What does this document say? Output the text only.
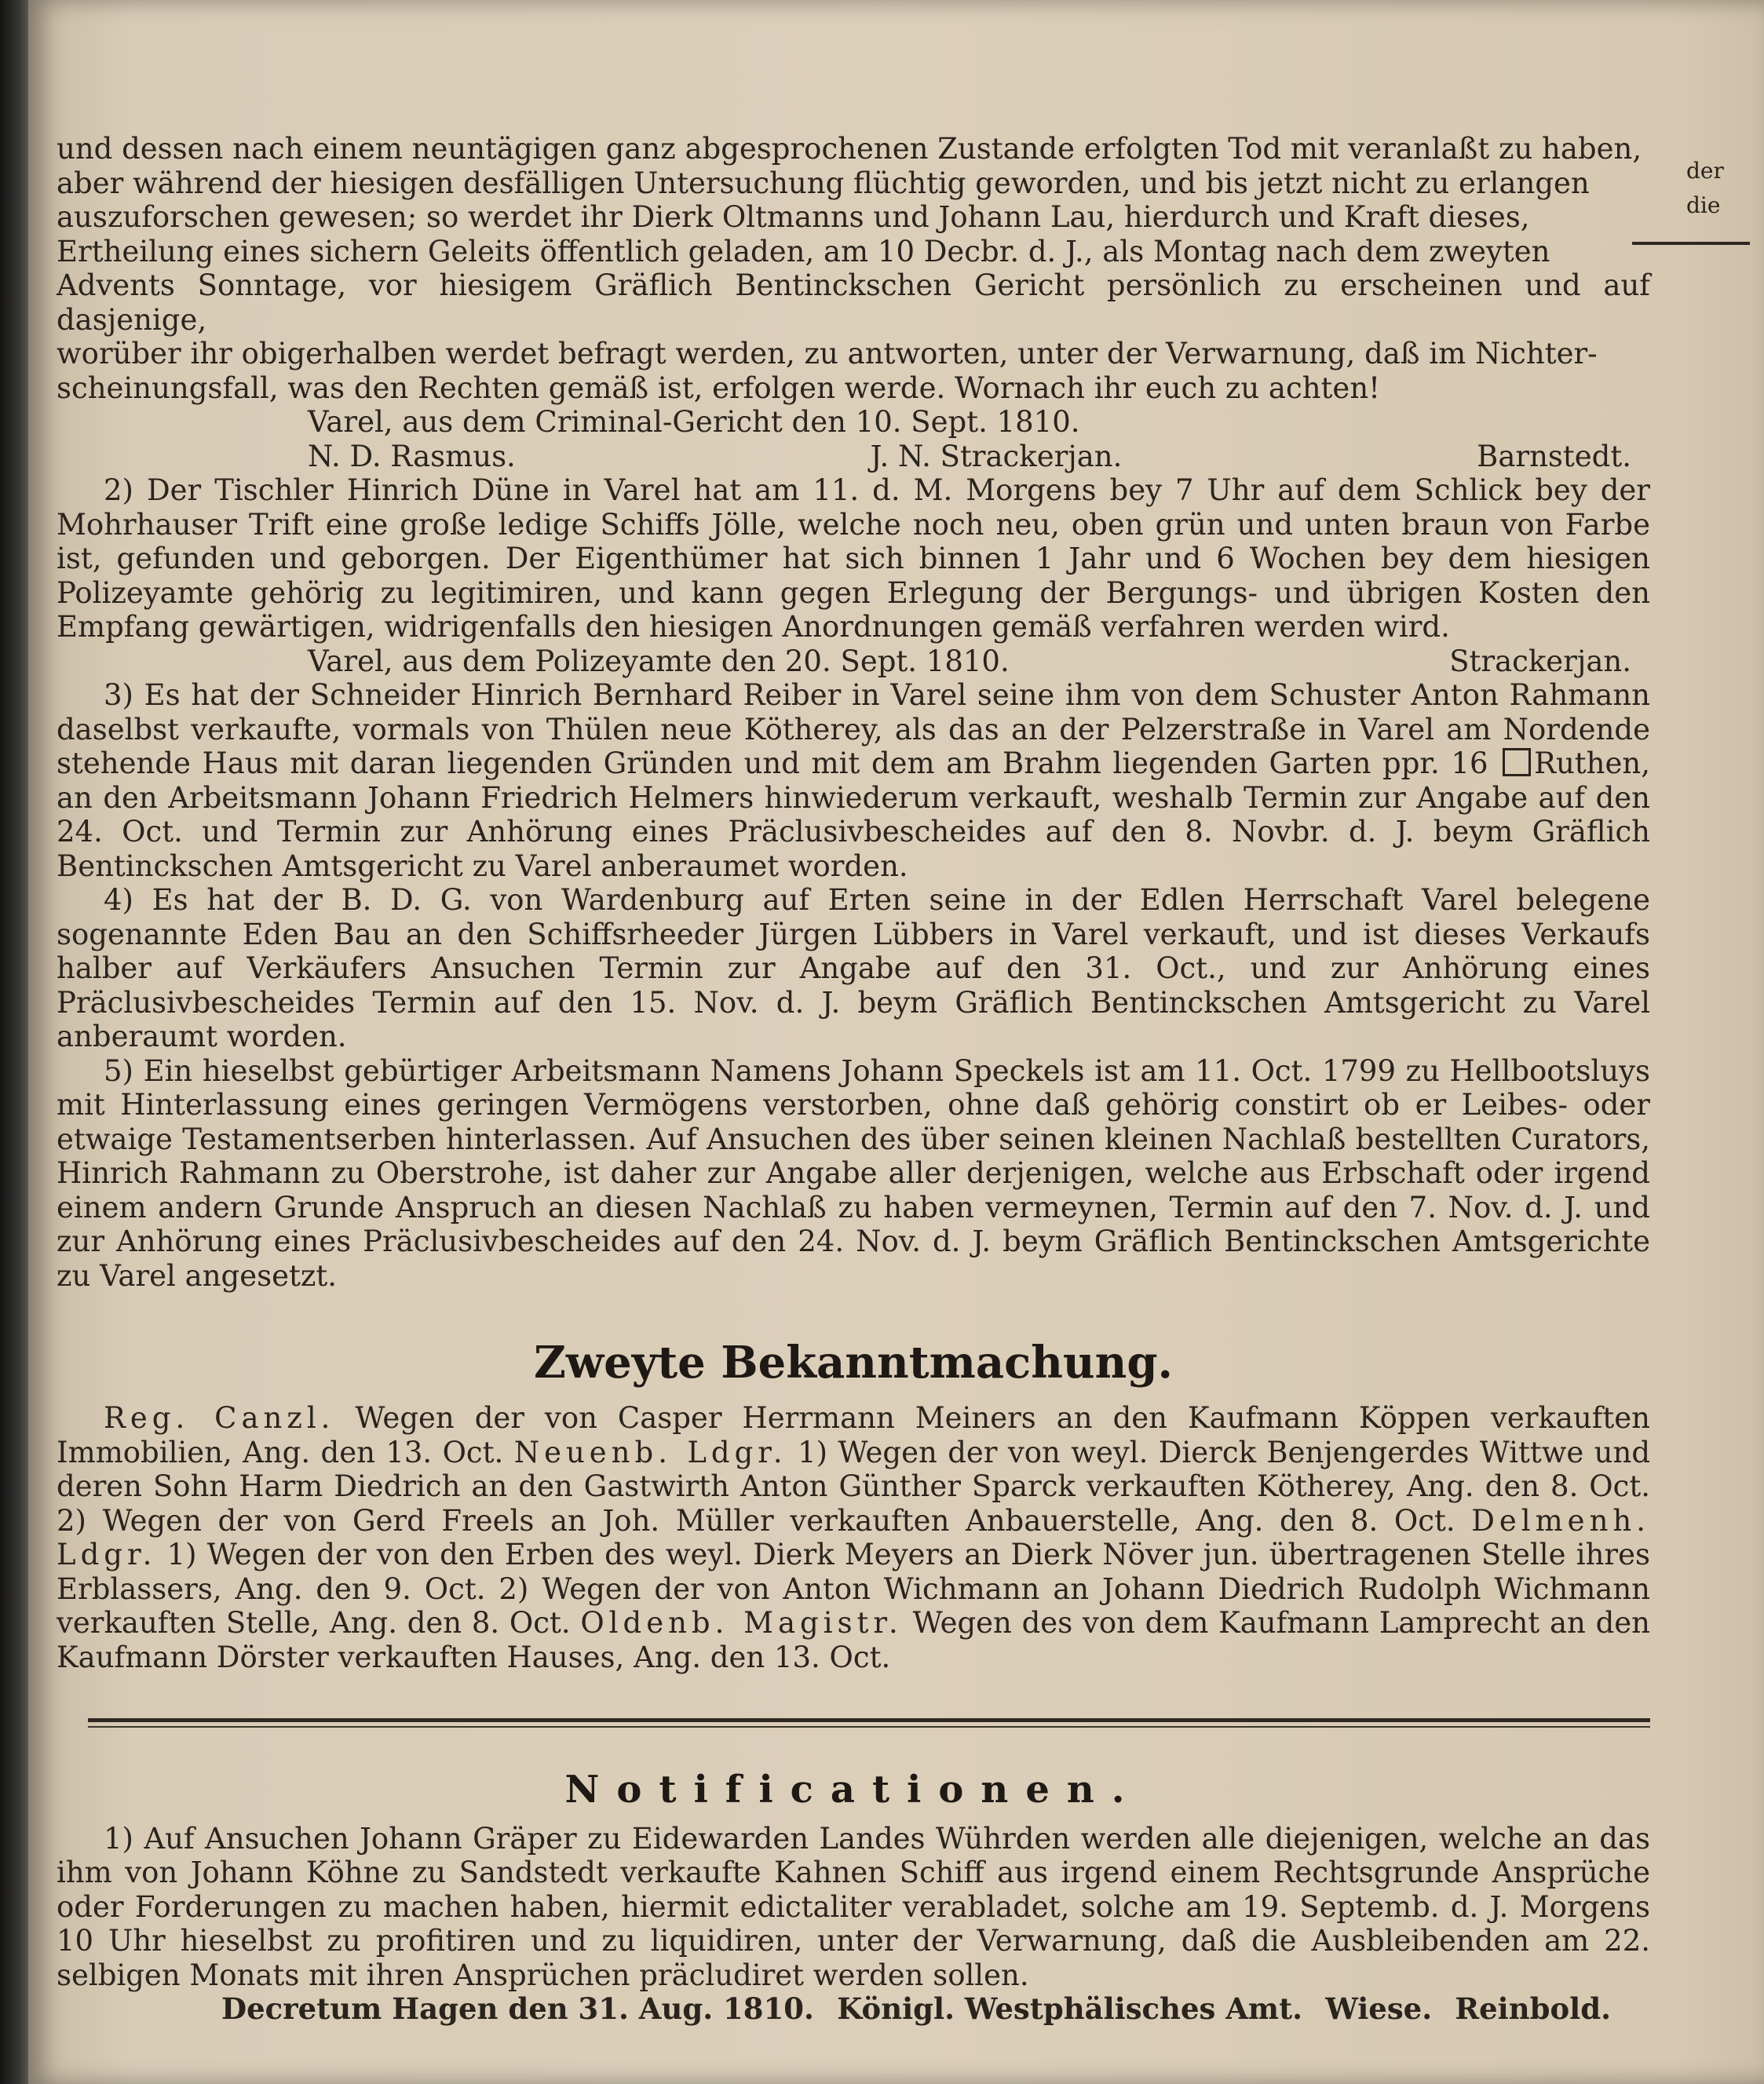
der
die
und dessen nach einem neuntägigen ganz abgesprochenen Zustande erfolgten Tod mit veranlaßt zu haben,
aber während der hiesigen desfälligen Untersuchung flüchtig geworden, und bis jetzt nicht zu erlangen
auszuforschen gewesen; so werdet ihr Dierk Oltmanns und Johann Lau, hierdurch und Kraft dieses,
Ertheilung eines sichern Geleits öffentlich geladen, am 10 Decbr. d. J., als Montag nach dem zweyten
Advents Sonntage, vor hiesigem Gräflich Bentinckschen Gericht persönlich zu erscheinen und auf dasjenige,
worüber ihr obigerhalben werdet befragt werden, zu antworten, unter der Verwarnung, daß im Nichter-
scheinungsfall, was den Rechten gemäß ist, erfolgen werde. Wornach ihr euch zu achten!
Varel, aus dem Criminal-Gericht den 10. Sept. 1810.
N. D. Rasmus.	J. N. Strackerjan.	Barnstedt.

2) Der Tischler Hinrich Düne in Varel hat am 11. d. M. Morgens bey 7 Uhr auf dem Schlick bey der Mohrhauser Trift eine große ledige Schiffs Jölle, welche noch neu, oben grün und unten braun von Farbe ist, gefunden und geborgen. Der Eigenthümer hat sich binnen 1 Jahr und 6 Wochen bey dem hiesigen Polizeyamte gehörig zu legitimiren, und kann gegen Erlegung der Bergungs- und übrigen Kosten den Empfang gewärtigen, widrigenfalls den hiesigen Anordnungen gemäß verfahren werden wird.

Varel, aus dem Polizeyamte den 20. Sept. 1810.	Strackerjan.

3) Es hat der Schneider Hinrich Bernhard Reiber in Varel seine ihm von dem Schuster Anton Rahmann daselbst verkaufte, vormals von Thülen neue Kötherey, als das an der Pelzerstraße in Varel am Nordende stehende Haus mit daran liegenden Gründen und mit dem am Brahm liegenden Garten ppr. 16 Ruthen, an den Arbeitsmann Johann Friedrich Helmers hinwiederum verkauft, weshalb Termin zur Angabe auf den 24. Oct. und Termin zur Anhörung eines Präclusivbescheides auf den 8. Novbr. d. J. beym Gräflich Bentinckschen Amtsgericht zu Varel anberaumet worden.

4) Es hat der B. D. G. von Wardenburg auf Erten seine in der Edlen Herrschaft Varel belegene sogenannte Eden Bau an den Schiffsrheeder Jürgen Lübbers in Varel verkauft, und ist dieses Verkaufs halber auf Verkäufers Ansuchen Termin zur Angabe auf den 31. Oct., und zur Anhörung eines Präclusivbescheides Termin auf den 15. Nov. d. J. beym Gräflich Bentinckschen Amtsgericht zu Varel anberaumt worden.

5) Ein hieselbst gebürtiger Arbeitsmann Namens Johann Speckels ist am 11. Oct. 1799 zu Hellbootsluys mit Hinterlassung eines geringen Vermögens verstorben, ohne daß gehörig constirt ob er Leibes- oder etwaige Testamentserben hinterlassen. Auf Ansuchen des über seinen kleinen Nachlaß bestellten Curators, Hinrich Rahmann zu Oberstrohe, ist daher zur Angabe aller derjenigen, welche aus Erbschaft oder irgend einem andern Grunde Anspruch an diesen Nachlaß zu haben vermeynen, Termin auf den 7. Nov. d. J. und zur Anhörung eines Präclusivbescheides auf den 24. Nov. d. J. beym Gräflich Bentinckschen Amtsgerichte zu Varel angesetzt.

Zweyte Bekanntmachung.

Reg. Canzl. Wegen der von Casper Herrmann Meiners an den Kaufmann Köppen verkauften Immobilien, Ang. den 13. Oct. Neuenb. Ldgr. 1) Wegen der von weyl. Dierck Benjengerdes Wittwe und deren Sohn Harm Diedrich an den Gastwirth Anton Günther Sparck verkauften Kötherey, Ang. den 8. Oct. 2) Wegen der von Gerd Freels an Joh. Müller verkauften Anbauerstelle, Ang. den 8. Oct. Delmenh. Ldgr. 1) Wegen der von den Erben des weyl. Dierk Meyers an Dierk Növer jun. übertragenen Stelle ihres Erblassers, Ang. den 9. Oct. 2) Wegen der von Anton Wichmann an Johann Diedrich Rudolph Wichmann verkauften Stelle, Ang. den 8. Oct. Oldenb. Magistr. Wegen des von dem Kaufmann Lamprecht an den Kaufmann Dörster verkauften Hauses, Ang. den 13. Oct.

Notificationen.

1) Auf Ansuchen Johann Gräper zu Eidewarden Landes Wührden werden alle diejenigen, welche an das ihm von Johann Köhne zu Sandstedt verkaufte Kahnen Schiff aus irgend einem Rechtsgrunde Ansprüche oder Forderungen zu machen haben, hiermit edictaliter verabladet, solche am 19. Septemb. d. J. Morgens 10 Uhr hieselbst zu profitiren und zu liquidiren, unter der Verwarnung, daß die Ausbleibenden am 22. selbigen Monats mit ihren Ansprüchen präcludiret werden sollen.

Decretum Hagen den 31. Aug. 1810. Königl. Westphälisches Amt. Wiese. Reinbold.
